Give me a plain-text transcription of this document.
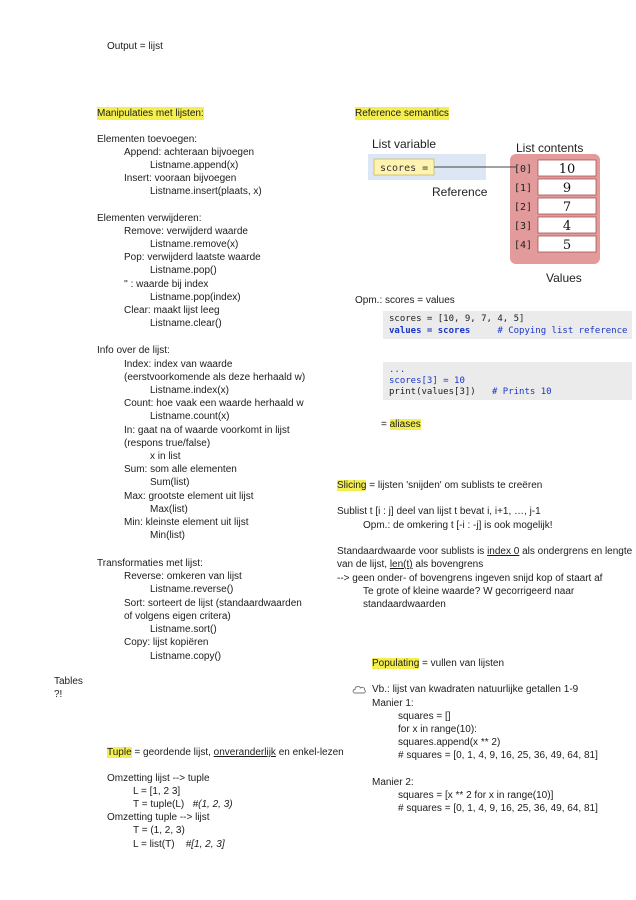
Output = lijst
Manipulaties met lijsten:
Elementen toevoegen:
Append: achteraan bijvoegen
Listname.append(x)
Insert: vooraan bijvoegen
Listname.insert(plaats, x)
Elementen verwijderen:
Remove: verwijderd waarde
Listname.remove(x)
Pop: verwijderd laatste waarde
Listname.pop()
'' : waarde bij index
Listname.pop(index)
Clear: maakt lijst leeg
Listname.clear()
Info over de lijst:
Index: index van waarde
(eerstvoorkomende als deze herhaald w)
Listname.index(x)
Count: hoe vaak een waarde herhaald w
Listname.count(x)
In: gaat na of waarde voorkomt in lijst
(respons true/false)
x in list
Sum: som alle elementen
Sum(list)
Max: grootste element uit lijst
Max(list)
Min: kleinste element uit lijst
Min(list)
Transformaties met lijst:
Reverse: omkeren van lijst
Listname.reverse()
Sort: sorteert de lijst (standaardwaarden
of volgens eigen critera)
Listname.sort()
Copy: lijst kopiëren
Listname.copy()
Tables
?!
Tuple = geordende lijst, onveranderlijk en enkel-lezen
Omzetting lijst --> tuple
L = [1, 2 3]
T = tuple(L) #(1, 2, 3)
Omzetting tuple --> lijst
T = (1, 2, 3)
L = list(T) #[1, 2, 3]
Reference semantics
List variable	List contents
scores =
Reference
Values
[0] 10
[1] 9
[2] 7
[3] 4
[4] 5
Opm.: scores = values
scores = [10, 9, 7, 4, 5]
values = scores	# Copying list reference
...
scores[3] = 10
print(values[3]) # Prints 10
= aliases
Slicing = lijsten 'snijden' om sublists te creëren
Sublist t [i : j] deel van lijst t bevat i, i+1, …, j-1
Opm.: de omkering t [-i : -j] is ook mogelijk!
Standaardwaarde voor sublists is index 0 als ondergrens en lengte
van de lijst, len(t) als bovengrens
--> geen onder- of bovengrens ingeven snijd kop of staart af
Te grote of kleine waarde? W gecorrigeerd naar
standaardwaarden
Populating = vullen van lijsten
Vb.: lijst van kwadraten natuurlijke getallen 1-9
Manier 1:
squares = []
for x in range(10):
squares.append(x ** 2)
# squares = [0, 1, 4, 9, 16, 25, 36, 49, 64, 81]
Manier 2:
squares = [x ** 2 for x in range(10)]
# squares = [0, 1, 4, 9, 16, 25, 36, 49, 64, 81]
